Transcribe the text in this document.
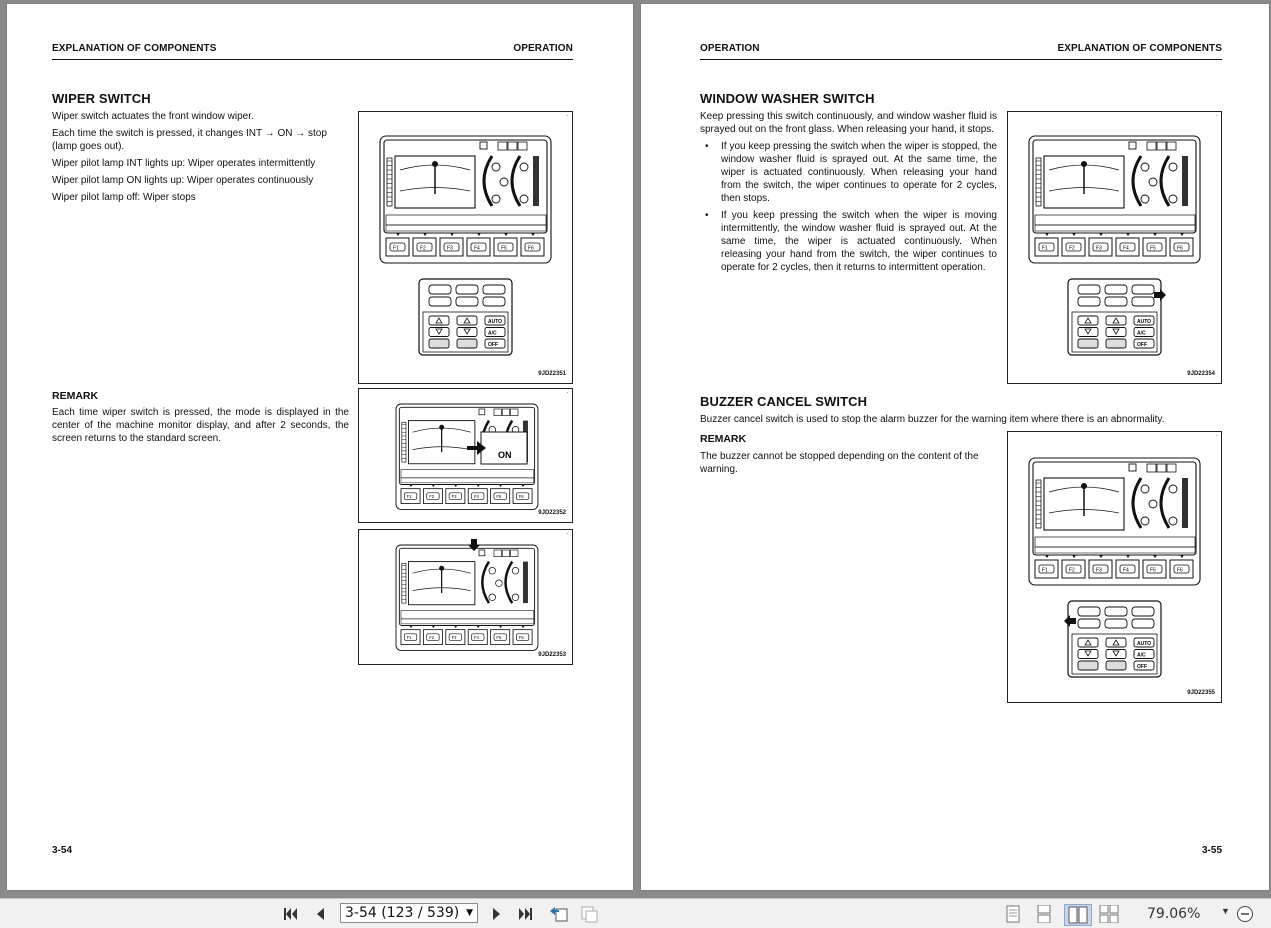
EXPLANATION OF COMPONENTS	OPERATION
WIPER SWITCH

Wiper switch actuates the front window wiper.

Each time the switch is pressed, it changes INT → ON → stop (lamp goes out).

Wiper pilot lamp INT lights up: Wiper operates intermittently

Wiper pilot lamp ON lights up: Wiper operates continuously

Wiper pilot lamp off: Wiper stops

REMARK
Each time wiper switch is pressed, the mode is displayed in the center of the machine monitor display, and after 2 seconds, the screen returns to the standard screen.
.
F1	F2	F3	F4	F5	F6
AUTO
A/C
OFF
9JD22351
.
F1	F2	F3	F4	F5	F6
ON
9JD22352
.
F1	F2	F3	F4	F5	F6
9JD22353
3-54
OPERATION	EXPLANATION OF COMPONENTS
WINDOW WASHER SWITCH

Keep pressing this switch continuously, and window washer fluid is sprayed out on the front glass. When releasing your hand, it stops.

• If you keep pressing the switch when the wiper is stopped, the window washer fluid is sprayed out. At the same time, the wiper is actuated continuously. When releasing your hand from the switch, the wiper continues to operate for 2 cycles, then stops.
• If you keep pressing the switch when the wiper is moving intermittently, the window washer fluid is sprayed out. At the same time, the wiper is actuated continuously. When releasing your hand from the switch, the wiper continues to operate for 2 cycles, then it returns to intermittent operation.
.
F1	F2	F3	F4	F5	F6
AUTO
A/C
OFF
9JD22354
BUZZER CANCEL SWITCH
Buzzer cancel switch is used to stop the alarm buzzer for the warning item where there is an abnormality.
REMARK
The buzzer cannot be stopped depending on the content of the warning.
.
F1	F2	F3	F4	F5	F6
AUTO
A/C
OFF
9JD22355
3-55
3-54 (123 / 539) ▼	79.06% ▼
